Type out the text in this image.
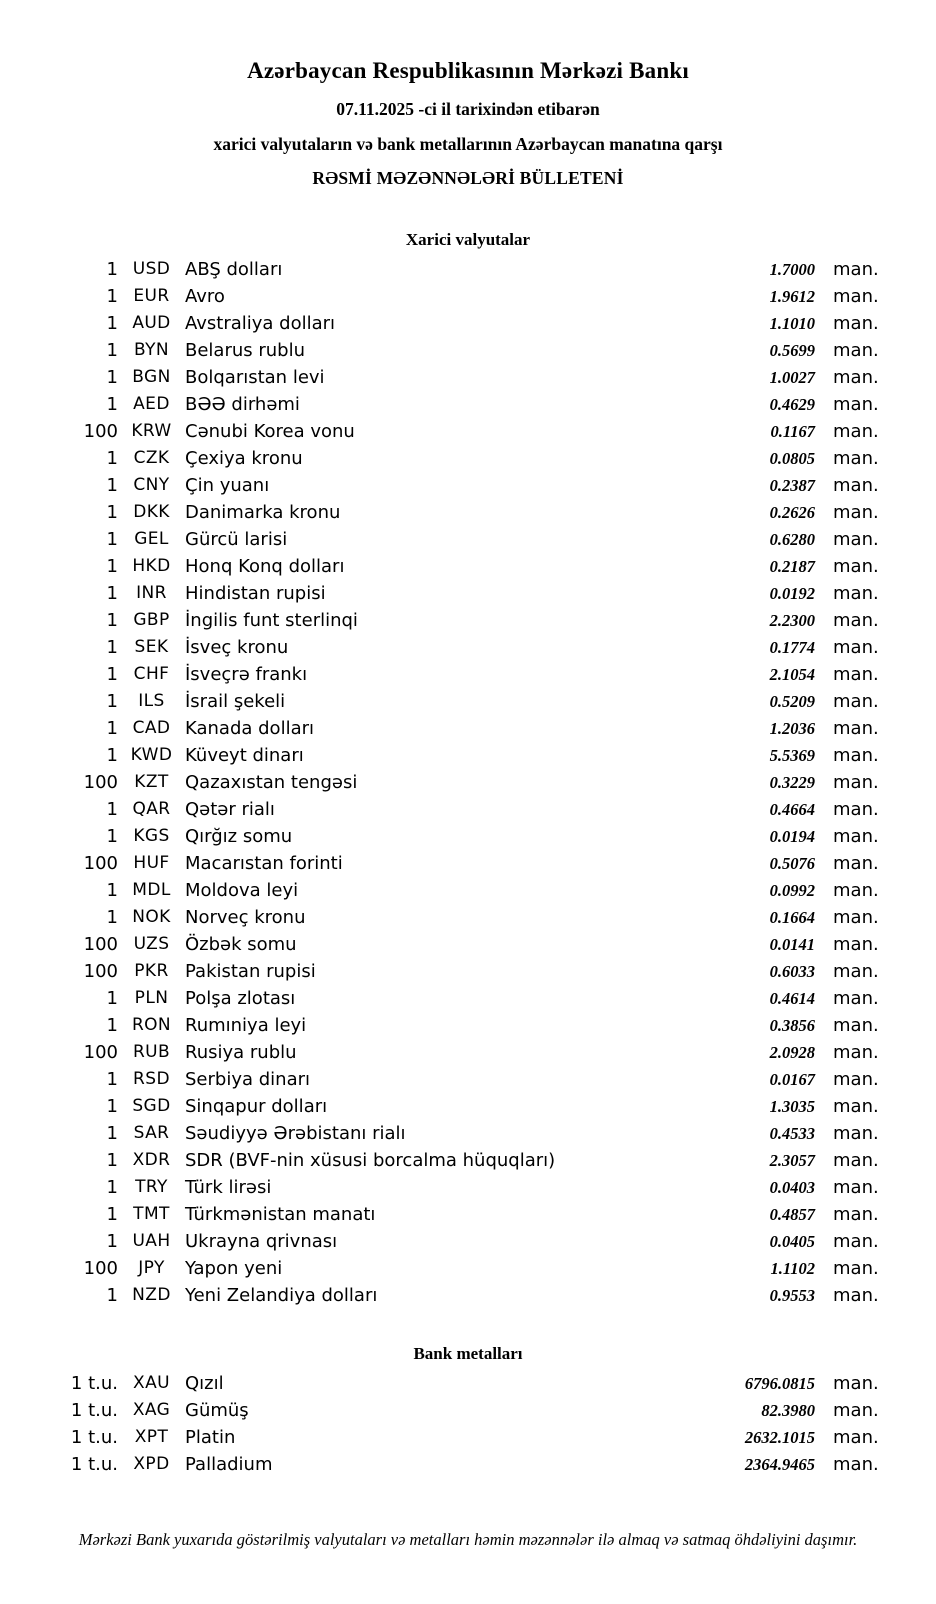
Azərbaycan Respublikasının Mərkəzi Bankı
07.11.2025 -ci il tarixindən etibarən
xarici valyutaların və bank metallarının Azərbaycan manatına qarşı
RƏSMİ MƏZƏNNƏLƏRİ BÜLLETENİ
Xarici valyutalar
1 USD ABŞ dolları	1.7000	man.
1 EUR Avro	1.9612	man.
1 AUD Avstraliya dolları	1.1010	man.
1 BYN Belarus rublu	0.5699	man.
1 BGN Bolqarıstan levi	1.0027	man.
1 AED BƏƏ dirhəmi	0.4629	man.
100 KRW Cənubi Korea vonu	0.1167	man.
1 CZK Çexiya kronu	0.0805	man.
1 CNY Çin yuanı	0.2387	man.
1 DKK Danimarka kronu	0.2626	man.
1 GEL Gürcü larisi	0.6280	man.
1 HKD Honq Konq dolları	0.2187	man.
1	INR	Hindistan rupisi	0.0192	man.
1 GBP İngilis funt sterlinqi	2.2300	man.
1 SEK İsveç kronu	0.1774	man.
1 CHF İsveçrə frankı	2.1054	man.
1	ILS	İsrail şekeli	0.5209	man.
1 CAD Kanada dolları	1.2036	man.
1 KWD Küveyt dinarı	5.5369	man.
100 KZT Qazaxıstan tengəsi	0.3229	man.
1 QAR Qətər rialı	0.4664	man.
1 KGS Qırğız somu	0.0194	man.
100 HUF Macarıstan forinti	0.5076	man.
1 MDL Moldova leyi	0.0992	man.
1 NOK Norveç kronu	0.1664	man.
100 UZS Özbək somu	0.0141	man.
100 PKR Pakistan rupisi	0.6033	man.
1 PLN Polşa zlotası	0.4614	man.
1 RON Rumıniya leyi	0.3856	man.
100 RUB Rusiya rublu	2.0928	man.
1 RSD Serbiya dinarı	0.0167	man.
1 SGD Sinqapur dolları	1.3035	man.
1 SAR Səudiyyə Ərəbistanı rialı	0.4533	man.
1 XDR SDR (BVF-nin xüsusi borcalma hüquqları)	2.3057	man.
1	TRY Türk lirəsi	0.0403	man.
1 TMT Türkmənistan manatı	0.4857	man.
1 UAH Ukrayna qrivnası	0.0405	man.
100	JPY	Yapon yeni	1.1102	man.
1 NZD Yeni Zelandiya dolları	0.9553	man.
Bank metalları
1 t.u. XAU Qızıl	6796.0815	man.
1 t.u. XAG Gümüş	82.3980	man.
1 t.u. XPT Platin	2632.1015	man.
1 t.u. XPD Palladium	2364.9465	man.
Mərkəzi Bank yuxarıda göstərilmiş valyutaları və metalları həmin məzənnələr ilə almaq və satmaq öhdəliyini daşımır.
